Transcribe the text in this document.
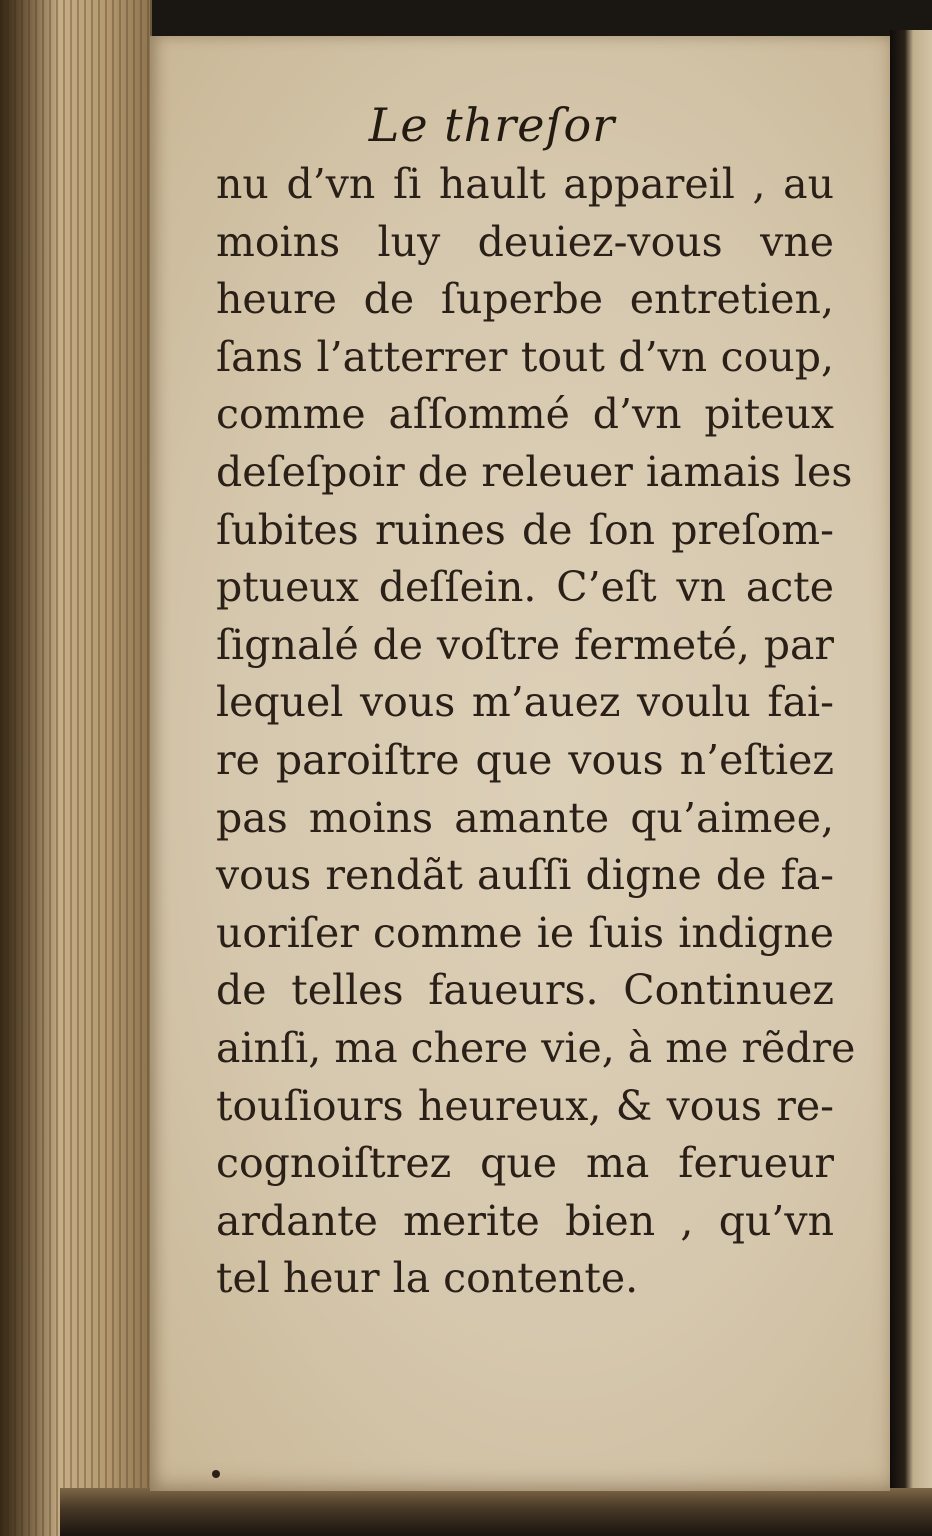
Le threſor
nu d’vn ſi hault appareil , au
moins luy deuiez-vous vne
heure de ſuperbe entretien,
ſans l’atterrer tout d’vn coup,
comme aſſommé d’vn piteux
deſeſpoir de releuer iamais les
ſubites ruines de ſon preſom-
ptueux deſſein. C’eſt vn acte
ſignalé de voſtre fermeté, par
lequel vous m’auez voulu fai-
re paroiſtre que vous n’eſtiez
pas moins amante qu’aimee,
vous rendãt auſſi digne de fa-
uoriſer comme ie ſuis indigne
de telles faueurs. Continuez
ainſi, ma chere vie, à me rẽdre
touſiours heureux, & vous re-
cognoiſtrez que ma ferueur
ardante merite bien , qu’vn
tel heur la contente.
